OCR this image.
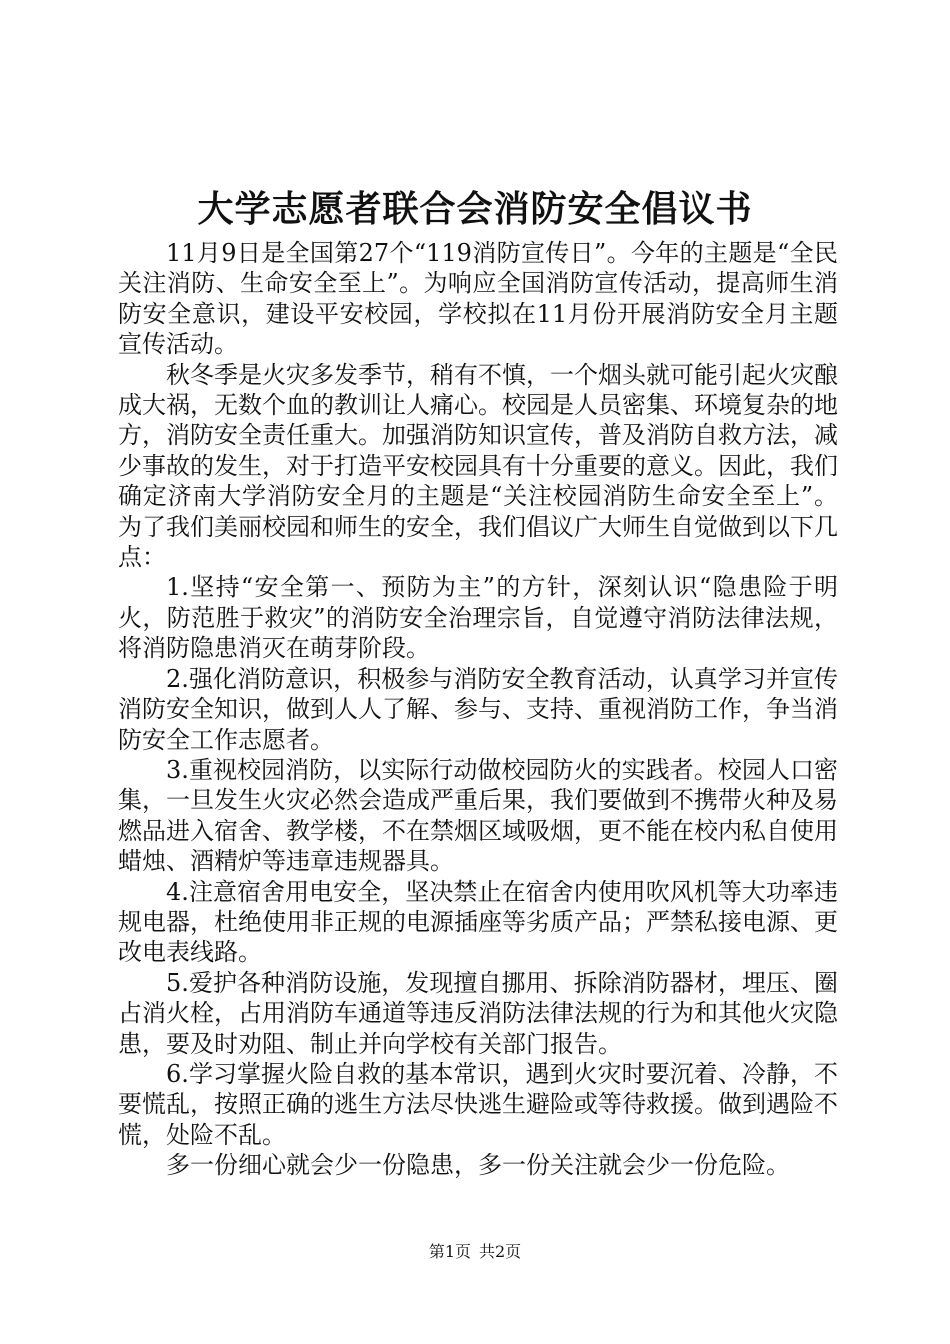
大学志愿者联合会消防安全倡议书

11月9日是全国第27个“119消防宣传日”。今年的主题是“全民关注消防、生命安全至上”。为响应全国消防宣传活动，提高师生消防安全意识，建设平安校园，学校拟在11月份开展消防安全月主题宣传活动。

秋冬季是火灾多发季节，稍有不慎，一个烟头就可能引起火灾酿成大祸，无数个血的教训让人痛心。校园是人员密集、环境复杂的地方，消防安全责任重大。加强消防知识宣传，普及消防自救方法，减少事故的发生，对于打造平安校园具有十分重要的意义。因此，我们确定济南大学消防安全月的主题是“关注校园消防生命安全至上”。为了我们美丽校园和师生的安全，我们倡议广大师生自觉做到以下几点：

1.坚持“安全第一、预防为主”的方针，深刻认识“隐患险于明火，防范胜于救灾”的消防安全治理宗旨，自觉遵守消防法律法规，将消防隐患消灭在萌芽阶段。

2.强化消防意识，积极参与消防安全教育活动，认真学习并宣传消防安全知识，做到人人了解、参与、支持、重视消防工作，争当消防安全工作志愿者。

3.重视校园消防，以实际行动做校园防火的实践者。校园人口密集，一旦发生火灾必然会造成严重后果，我们要做到不携带火种及易燃品进入宿舍、教学楼，不在禁烟区域吸烟，更不能在校内私自使用蜡烛、酒精炉等违章违规器具。

4.注意宿舍用电安全，坚决禁止在宿舍内使用吹风机等大功率违规电器，杜绝使用非正规的电源插座等劣质产品；严禁私接电源、更改电表线路。

5.爱护各种消防设施，发现擅自挪用、拆除消防器材，埋压、圈占消火栓，占用消防车通道等违反消防法律法规的行为和其他火灾隐患，要及时劝阻、制止并向学校有关部门报告。

6.学习掌握火险自救的基本常识，遇到火灾时要沉着、冷静，不要慌乱，按照正确的逃生方法尽快逃生避险或等待救援。做到遇险不慌，处险不乱。

多一份细心就会少一份隐患，多一份关注就会少一份危险。

第1页 共2页
